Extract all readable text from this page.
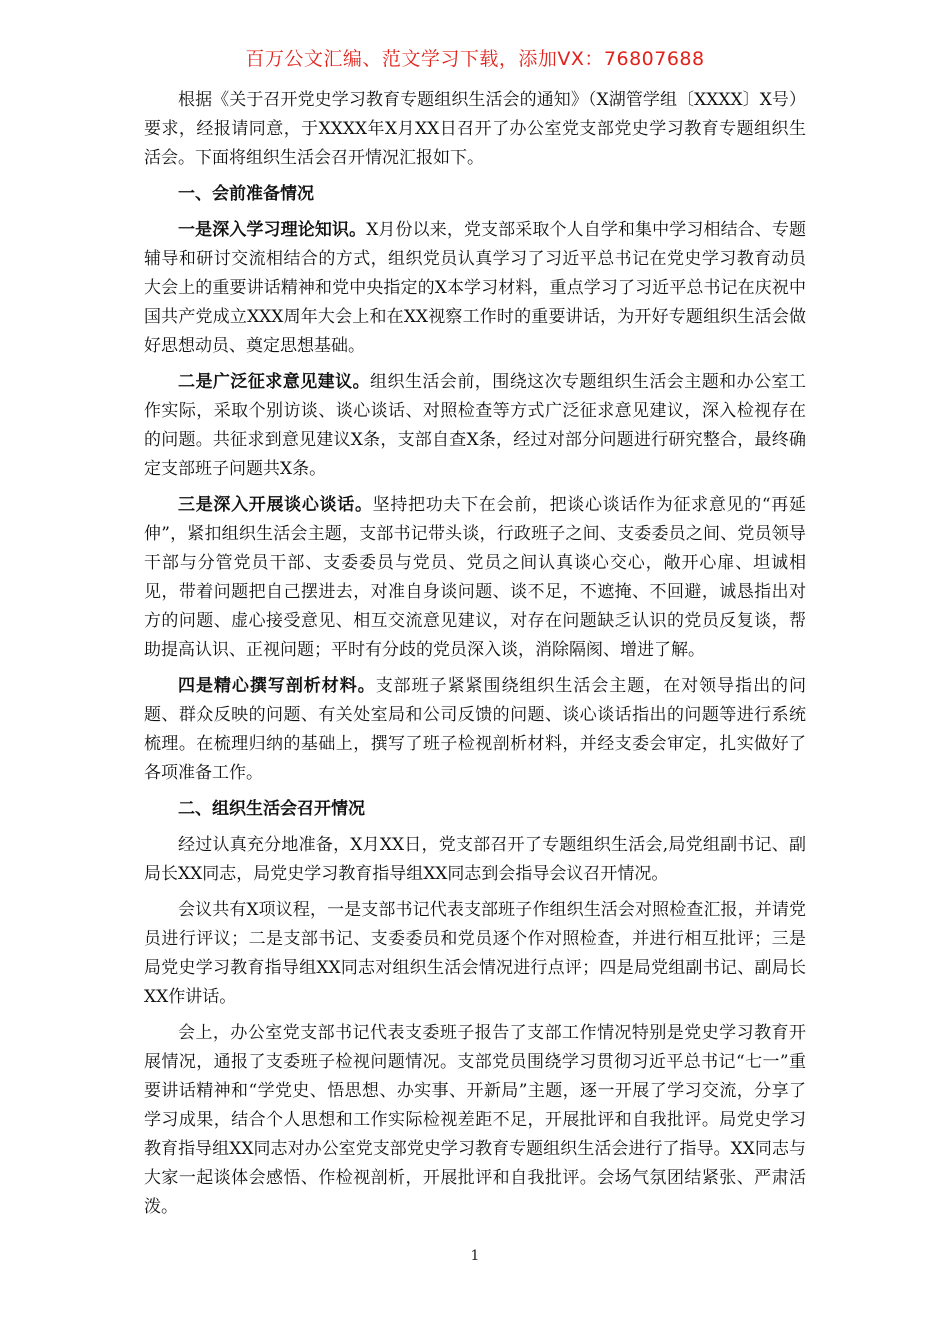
百万公文汇编、范文学习下载，添加VX：76807688

根据《关于召开党史学习教育专题组织生活会的通知》（X湖管学组〔XXXX〕X号）要求，经报请同意，于XXXX年X月XX日召开了办公室党支部党史学习教育专题组织生活会。下面将组织生活会召开情况汇报如下。

一、会前准备情况

一是深入学习理论知识。X月份以来，党支部采取个人自学和集中学习相结合、专题辅导和研讨交流相结合的方式，组织党员认真学习了习近平总书记在党史学习教育动员大会上的重要讲话精神和党中央指定的X本学习材料，重点学习了习近平总书记在庆祝中国共产党成立XXX周年大会上和在XX视察工作时的重要讲话，为开好专题组织生活会做好思想动员、奠定思想基础。

二是广泛征求意见建议。组织生活会前，围绕这次专题组织生活会主题和办公室工作实际，采取个别访谈、谈心谈话、对照检查等方式广泛征求意见建议，深入检视存在的问题。共征求到意见建议X条，支部自查X条，经过对部分问题进行研究整合，最终确定支部班子问题共X条。

三是深入开展谈心谈话。坚持把功夫下在会前，把谈心谈话作为征求意见的“再延伸”，紧扣组织生活会主题，支部书记带头谈，行政班子之间、支委委员之间、党员领导干部与分管党员干部、支委委员与党员、党员之间认真谈心交心，敞开心扉、坦诚相见，带着问题把自己摆进去，对准自身谈问题、谈不足，不遮掩、不回避，诚恳指出对方的问题、虚心接受意见、相互交流意见建议，对存在问题缺乏认识的党员反复谈，帮助提高认识、正视问题；平时有分歧的党员深入谈，消除隔阂、增进了解。

四是精心撰写剖析材料。支部班子紧紧围绕组织生活会主题，在对领导指出的问题、群众反映的问题、有关处室局和公司反馈的问题、谈心谈话指出的问题等进行系统梳理。在梳理归纳的基础上，撰写了班子检视剖析材料，并经支委会审定，扎实做好了各项准备工作。

二、组织生活会召开情况

经过认真充分地准备，X月XX日，党支部召开了专题组织生活会,局党组副书记、副局长XX同志，局党史学习教育指导组XX同志到会指导会议召开情况。

会议共有X项议程，一是支部书记代表支部班子作组织生活会对照检查汇报，并请党员进行评议；二是支部书记、支委委员和党员逐个作对照检查，并进行相互批评；三是局党史学习教育指导组XX同志对组织生活会情况进行点评；四是局党组副书记、副局长XX作讲话。

会上，办公室党支部书记代表支委班子报告了支部工作情况特别是党史学习教育开展情况，通报了支委班子检视问题情况。支部党员围绕学习贯彻习近平总书记“七一”重要讲话精神和“学党史、悟思想、办实事、开新局”主题，逐一开展了学习交流，分享了学习成果，结合个人思想和工作实际检视差距不足，开展批评和自我批评。局党史学习教育指导组XX同志对办公室党支部党史学习教育专题组织生活会进行了指导。XX同志与大家一起谈体会感悟、作检视剖析，开展批评和自我批评。会场气氛团结紧张、严肃活泼。

1
